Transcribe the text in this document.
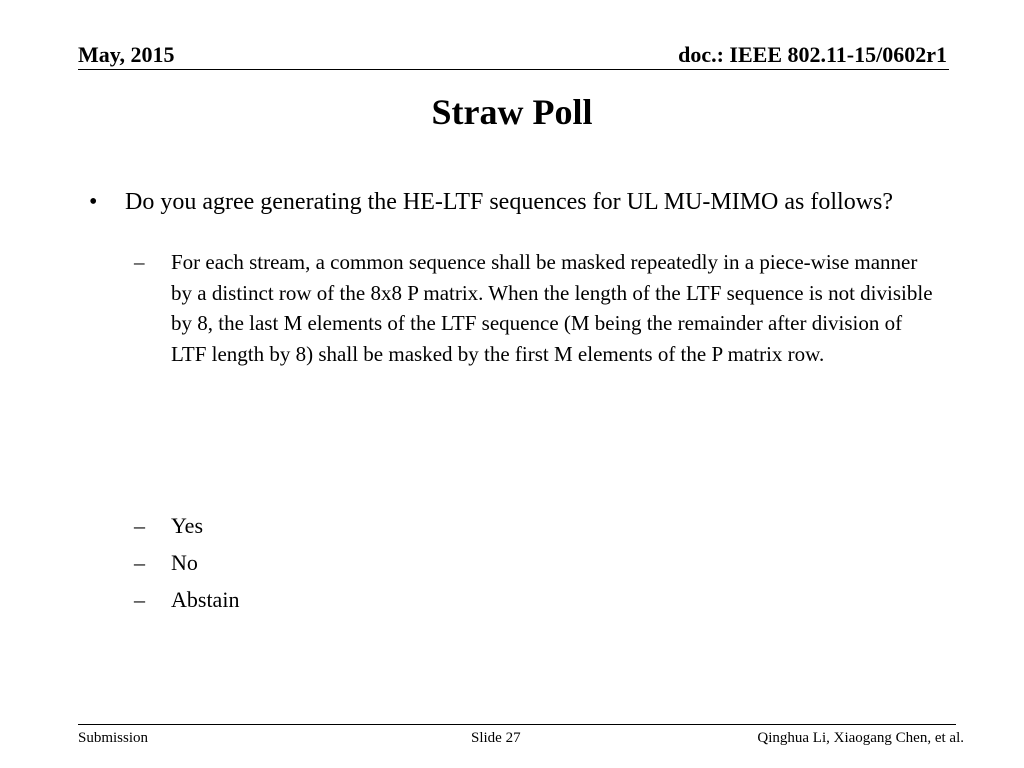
May, 2015	doc.: IEEE 802.11-15/0602r1
Straw Poll
• Do you agree generating the HE-LTF sequences for UL MU-MIMO as follows?
– For each stream, a common sequence shall be masked repeatedly in a piece-wise manner by a distinct row of the 8x8 P matrix. When the length of the LTF sequence is not divisible by 8, the last M elements of the LTF sequence (M being the remainder after division of LTF length by 8) shall be masked by the first M elements of the P matrix row.
– Yes
– No
– Abstain
Submission	Slide 27	Qinghua Li, Xiaogang Chen, et al.
